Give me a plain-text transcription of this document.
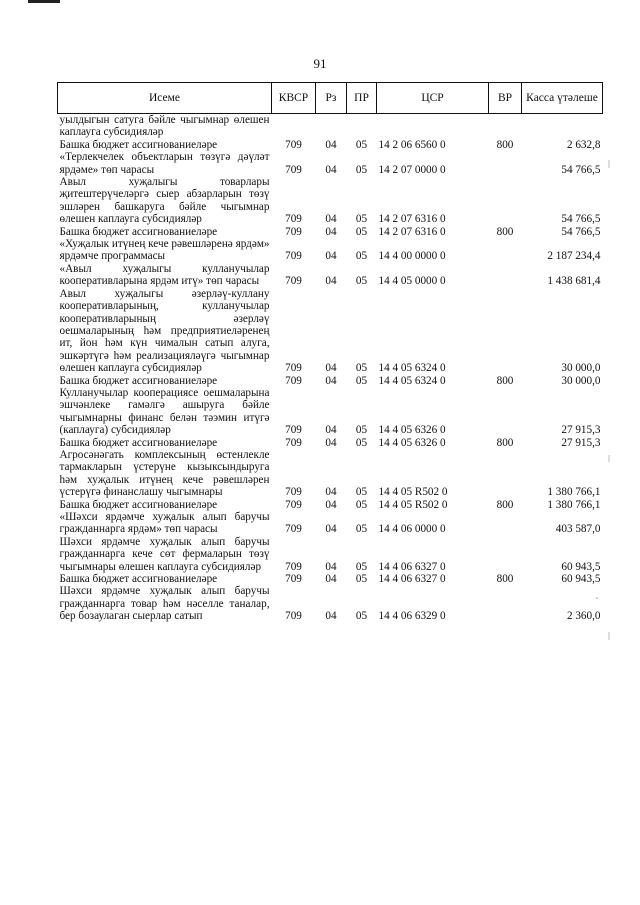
91
Исеме	КВСР	Рз	ПР	ЦСР	ВР	Касса үтәлеше
уылдыгын сатуга бәйле чыгымнар өлешен каплауга субсидияләр						
Башка бюджет ассигнованиеләре	709	04	05	14 2 06 6560 0	800	2 632,8
«Терлекчелек объектларын төзүгә дәүләт ярдәме» төп чарасы	709	04	05	14 2 07 0000 0		54 766,5
Авыл хуҗалыгы товарлары җитештерүчеләргә сыер абзарларын төзү эшләрен башкаруга бәйле чыгымнар өлешен каплауга субсидияләр	709	04	05	14 2 07 6316 0		54 766,5
Башка бюджет ассигнованиеләре	709	04	05	14 2 07 6316 0	800	54 766,5
«Хуҗалык итүнең кече рәвешләренә ярдәм» ярдәмче программасы	709	04	05	14 4 00 0000 0		2 187 234,4
«Авыл хуҗалыгы кулланучылар кооперативларына ярдәм итү» төп чарасы	709	04	05	14 4 05 0000 0		1 438 681,4
Авыл хуҗалыгы әзерләү-куллану кооперативларының, кулланучылар кооперативларының әзерләү оешмаларының һәм предприятиеләренең ит, йон һәм күн чималын сатып алуга, эшкәртүгә һәм реализацияләүгә чыгымнар өлешен каплауга субсидияләр	709	04	05	14 4 05 6324 0		30 000,0
Башка бюджет ассигнованиеләре	709	04	05	14 4 05 6324 0	800	30 000,0
Кулланучылар кооперациясе оешмаларына эшчәнлеке гамәлгә ашыруга бәйле чыгымнарны финанс белән тәэмин итүгә (каплауга) субсидияләр	709	04	05	14 4 05 6326 0		27 915,3
Башка бюджет ассигнованиеләре	709	04	05	14 4 05 6326 0	800	27 915,3
Агросәнәгать комплексының өстенлекле тармакларын үстерүне кызыксындыруга һәм хуҗалык итүнең кече рәвешләрен үстерүгә финанслашу чыгымнары	709	04	05	14 4 05 R502 0		1 380 766,1
Башка бюджет ассигнованиеләре	709	04	05	14 4 05 R502 0	800	1 380 766,1
«Шәхси ярдәмче хуҗалык алып баручы гражданнарга ярдәм» төп чарасы	709	04	05	14 4 06 0000 0		403 587,0
Шәхси ярдәмче хуҗалык алып баручы гражданнарга кече сөт фермаларын төзү чыгымнары өлешен каплауга субсидияләр	709	04	05	14 4 06 6327 0		60 943,5
Башка бюджет ассигнованиеләре	709	04	05	14 4 06 6327 0	800	60 943,5
Шәхси ярдәмче хуҗалык алып баручы гражданнарга товар һәм нәселле таналар, бер бозаулаган сыерлар сатып	709	04	05	14 4 06 6329 0		2 360,0
